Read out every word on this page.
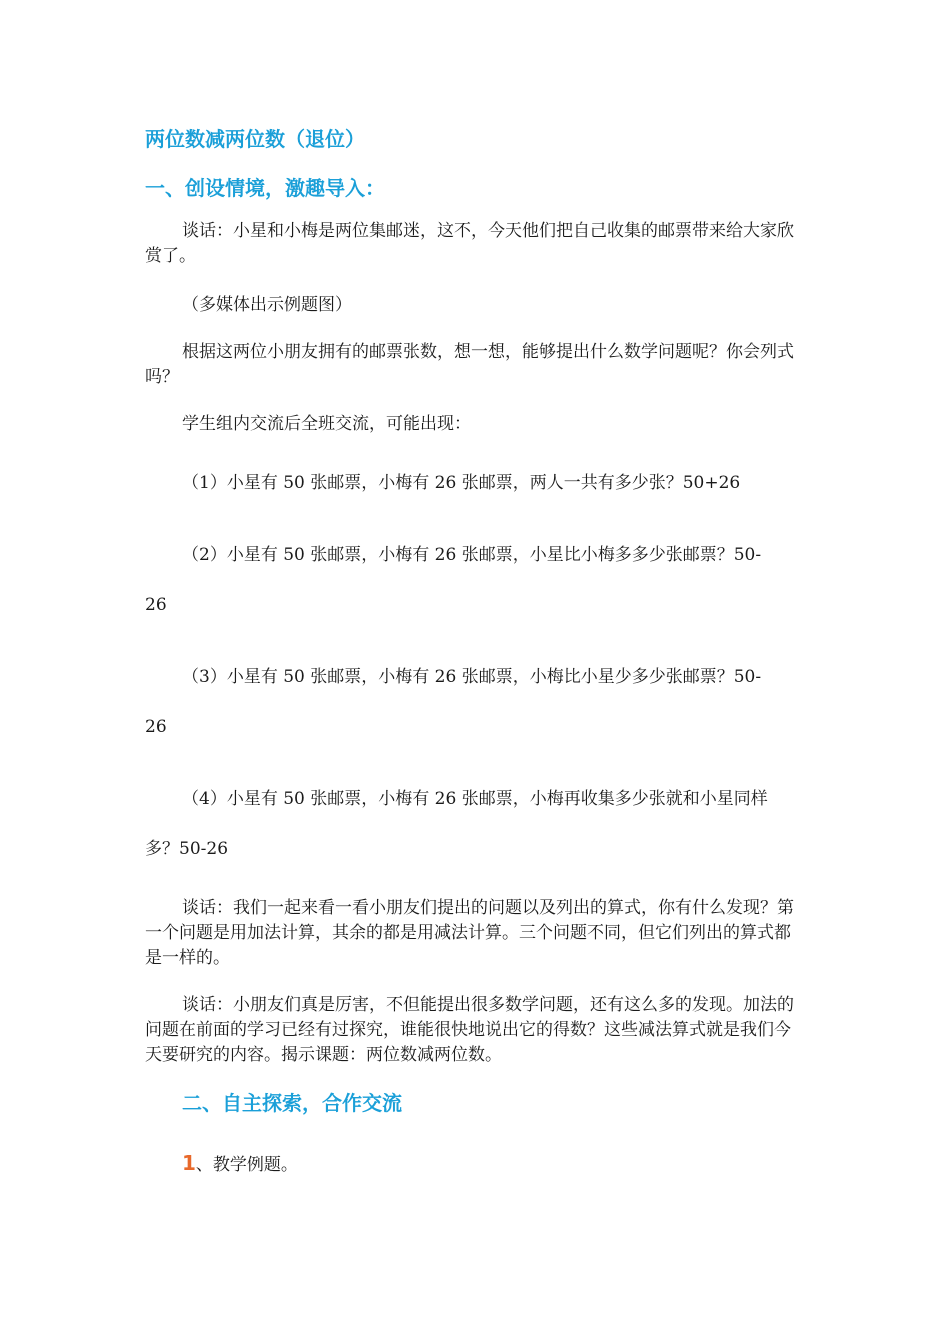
两位数减两位数（退位）
一、创设情境，激趣导入：

谈话：小星和小梅是两位集邮迷，这不，今天他们把自己收集的邮票带来给大家欣赏了。

（多媒体出示例题图）

根据这两位小朋友拥有的邮票张数，想一想，能够提出什么数学问题呢？你会列式吗？

学生组内交流后全班交流，可能出现：

（1）小星有 50 张邮票，小梅有 26 张邮票，两人一共有多少张？50+26

（2）小星有 50 张邮票，小梅有 26 张邮票，小星比小梅多多少张邮票？50-

26

（3）小星有 50 张邮票，小梅有 26 张邮票，小梅比小星少多少张邮票？50-

26

（4）小星有 50 张邮票，小梅有 26 张邮票，小梅再收集多少张就和小星同样

多？50-26

谈话：我们一起来看一看小朋友们提出的问题以及列出的算式，你有什么发现？第一个问题是用加法计算，其余的都是用减法计算。三个问题不同，但它们列出的算式都是一样的。

谈话：小朋友们真是厉害，不但能提出很多数学问题，还有这么多的发现。加法的问题在前面的学习已经有过探究，谁能很快地说出它的得数？这些减法算式就是我们今天要研究的内容。揭示课题：两位数减两位数。

二、自主探索，合作交流
1、教学例题。
